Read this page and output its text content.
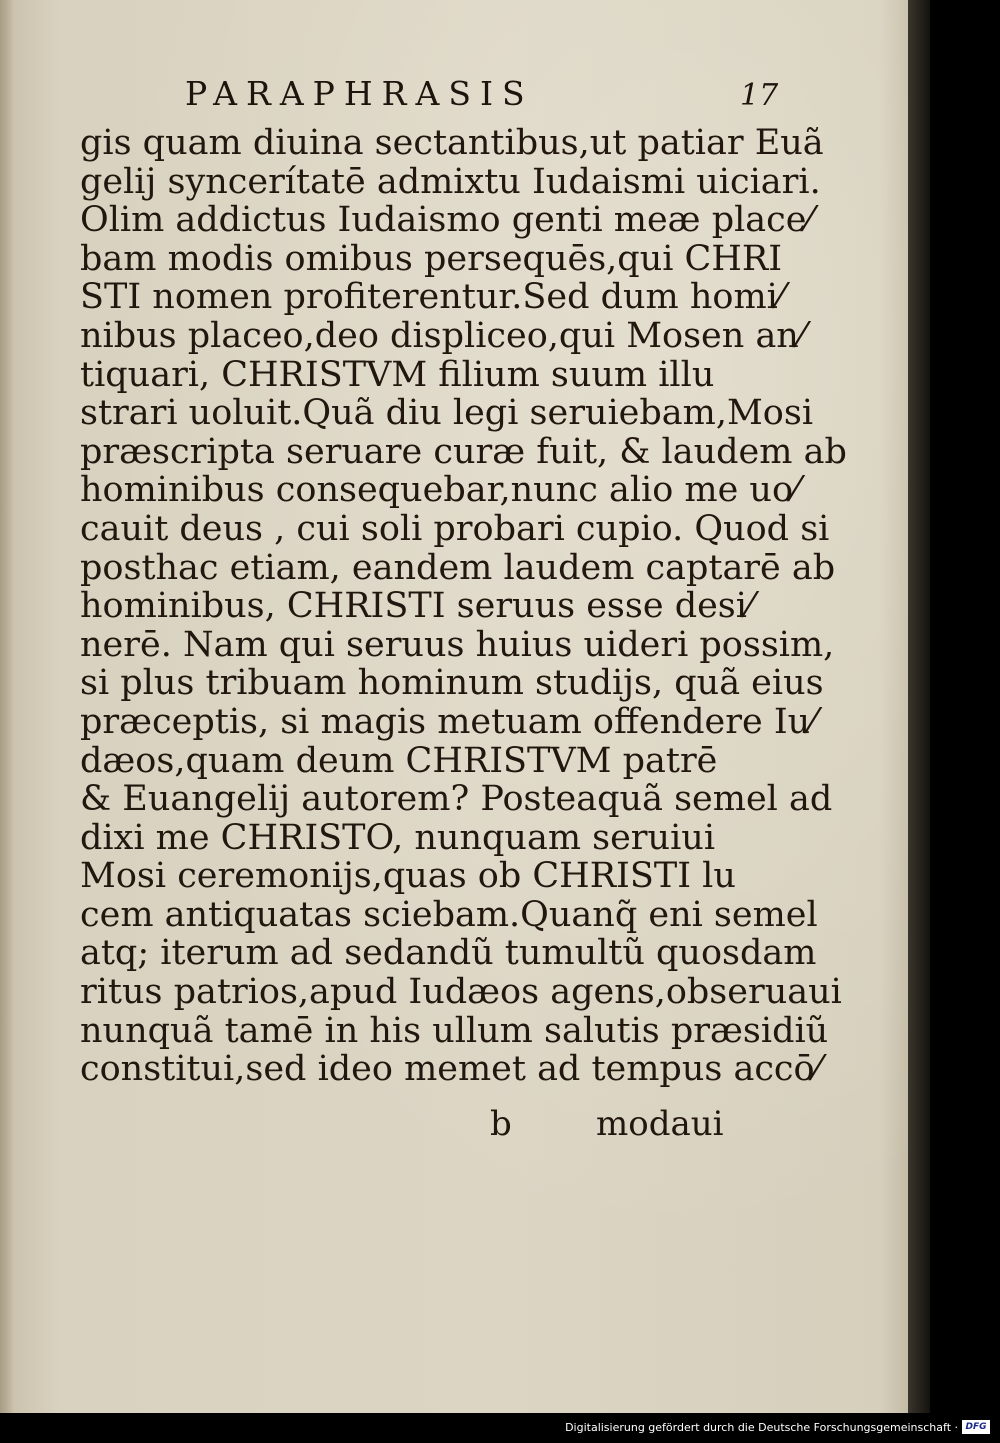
PARAPHRASIS	17
gis quam diuina sectantibus,ut patiar Euã
gelij syncerítatē admixtu Iudaismi uiciari.
Olim addictus Iudaismo genti meæ place⁄
bam modis omibus persequēs,qui CHRI
STI nomen profiterentur.Sed dum homi⁄
nibus placeo,deo displiceo,qui Mosen an⁄
tiquari, CHRISTVM filium suum illu
strari uoluit.Quã diu legi seruiebam,Mosi
præscripta seruare curæ fuit, & laudem ab
hominibus consequebar,nunc alio me uo⁄
cauit deus , cui soli probari cupio. Quod si
posthac etiam, eandem laudem captarē ab
hominibus, CHRISTI seruus esse desi⁄
nerē. Nam qui seruus huius uideri possim,
si plus tribuam hominum studijs, quã eius
præceptis, si magis metuam offendere Iu⁄
dæos,quam deum CHRISTVM patrē
& Euangelij autorem? Posteaquã semel ad
dixi me CHRISTO, nunquam seruiui
Mosi ceremonijs,quas ob CHRISTI lu
cem antiquatas sciebam.Quanq̃ eni semel
atq; iterum ad sedandũ tumultũ quosdam
ritus patrios,apud Iudæos agens,obseruaui
nunquã tamē in his ullum salutis præsidiũ
constitui,sed ideo memet ad tempus accō⁄
b	modaui
Digitalisierung gefördert durch die Deutsche Forschungsgemeinschaft · DFG
